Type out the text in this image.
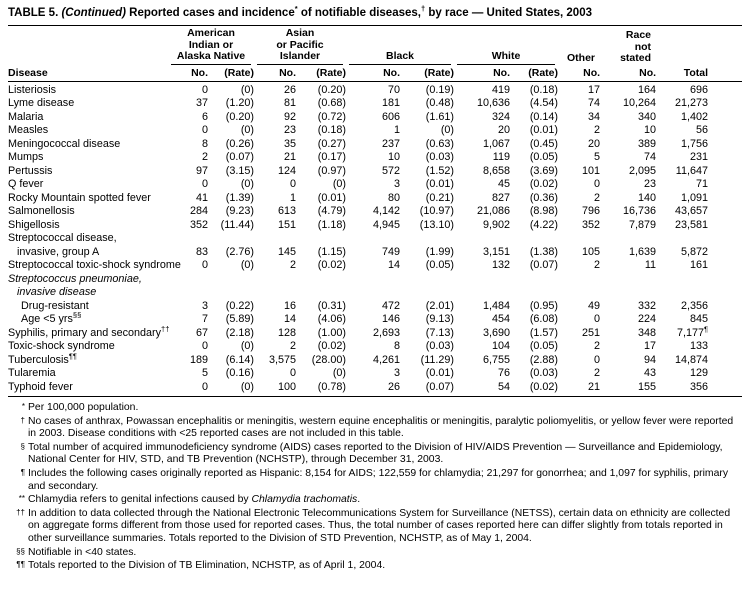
TABLE 5. (Continued) Reported cases and incidence* of notifiable diseases,† by race — United States, 2003

American
Indian or
Alaska Native

Asian
or Pacific
Islander	Black	White	Other

Race
not
stated

Disease	No.	(Rate)	No.	(Rate)	No.	(Rate)	No.	(Rate)	No.	No.	Total
Listeriosis	0	(0)	26	(0.20)	70	(0.19)	419	(0.18)	17	164	696
Lyme disease	37	(1.20)	81	(0.68)	181	(0.48)	10,636	(4.54)	74	10,264	21,273
Malaria	6	(0.20)	92	(0.72)	606	(1.61)	324	(0.14)	34	340	1,402
Measles	0	(0)	23	(0.18)	1	(0)	20	(0.01)	2	10	56
Meningococcal disease	8	(0.26)	35	(0.27)	237	(0.63)	1,067	(0.45)	20	389	1,756
Mumps	2	(0.07)	21	(0.17)	10	(0.03)	119	(0.05)	5	74	231
Pertussis	97	(3.15)	124	(0.97)	572	(1.52)	8,658	(3.69)	101	2,095	11,647
Q fever	0	(0)	0	(0)	3	(0.01)	45	(0.02)	0	23	71
Rocky Mountain spotted fever	41	(1.39)	1	(0.01)	80	(0.21)	827	(0.36)	2	140	1,091
Salmonellosis	284	(9.23)	613	(4.79)	4,142	(10.97)	21,086	(8.98)	796	16,736	43,657
Shigellosis	352	(11.44)	151	(1.18)	4,945	(13.10)	9,902	(4.22)	352	7,879	23,581
Streptococcal disease,											
invasive, group A	83	(2.76)	145	(1.15)	749	(1.99)	3,151	(1.38)	105	1,639	5,872
Streptococcal toxic-shock syndrome	0	(0)	2	(0.02)	14	(0.05)	132	(0.07)	2	11	161
Streptococcus pneumoniae,											
invasive disease											
Drug-resistant	3	(0.22)	16	(0.31)	472	(2.01)	1,484	(0.95)	49	332	2,356
Age <5 yrs§§	7	(5.89)	14	(4.06)	146	(9.13)	454	(6.08)	0	224	845
Syphilis, primary and secondary††	67	(2.18)	128	(1.00)	2,693	(7.13)	3,690	(1.57)	251	348	7,177¶
Toxic-shock syndrome	0	(0)	2	(0.02)	8	(0.03)	104	(0.05)	2	17	133
Tuberculosis¶¶	189	(6.14)	3,575	(28.00)	4,261	(11.29)	6,755	(2.88)	0	94	14,874
Tularemia	5	(0.16)	0	(0)	3	(0.01)	76	(0.03)	2	43	129
Typhoid fever	0	(0)	100	(0.78)	26	(0.07)	54	(0.02)	21	155	356
* Per 100,000 population.
† No cases of anthrax, Powassan encephalitis or meningitis, western equine encephalitis or meningitis, paralytic poliomyelitis, or yellow fever were reported in 2003. Disease conditions with <25 reported cases are not included in this table.
§ Total number of acquired immunodeficiency syndrome (AIDS) cases reported to the Division of HIV/AIDS Prevention — Surveillance and Epidemiology, National Center for HIV, STD, and TB Prevention (NCHSTP), through December 31, 2003.
¶ Includes the following cases originally reported as Hispanic: 8,154 for AIDS; 122,559 for chlamydia; 21,297 for gonorrhea; and 1,097 for syphilis, primary and secondary.
** Chlamydia refers to genital infections caused by Chlamydia trachomatis.
†† In addition to data collected through the National Electronic Telecommunications System for Surveillance (NETSS), certain data on ethnicity are collected on aggregate forms different from those used for reported cases. Thus, the total number of cases reported here can differ slightly from totals reported in other surveillance summaries. Totals reported to the Division of STD Prevention, NCHSTP, as of May 1, 2004.
§§ Notifiable in <40 states.
¶¶ Totals reported to the Division of TB Elimination, NCHSTP, as of April 1, 2004.
